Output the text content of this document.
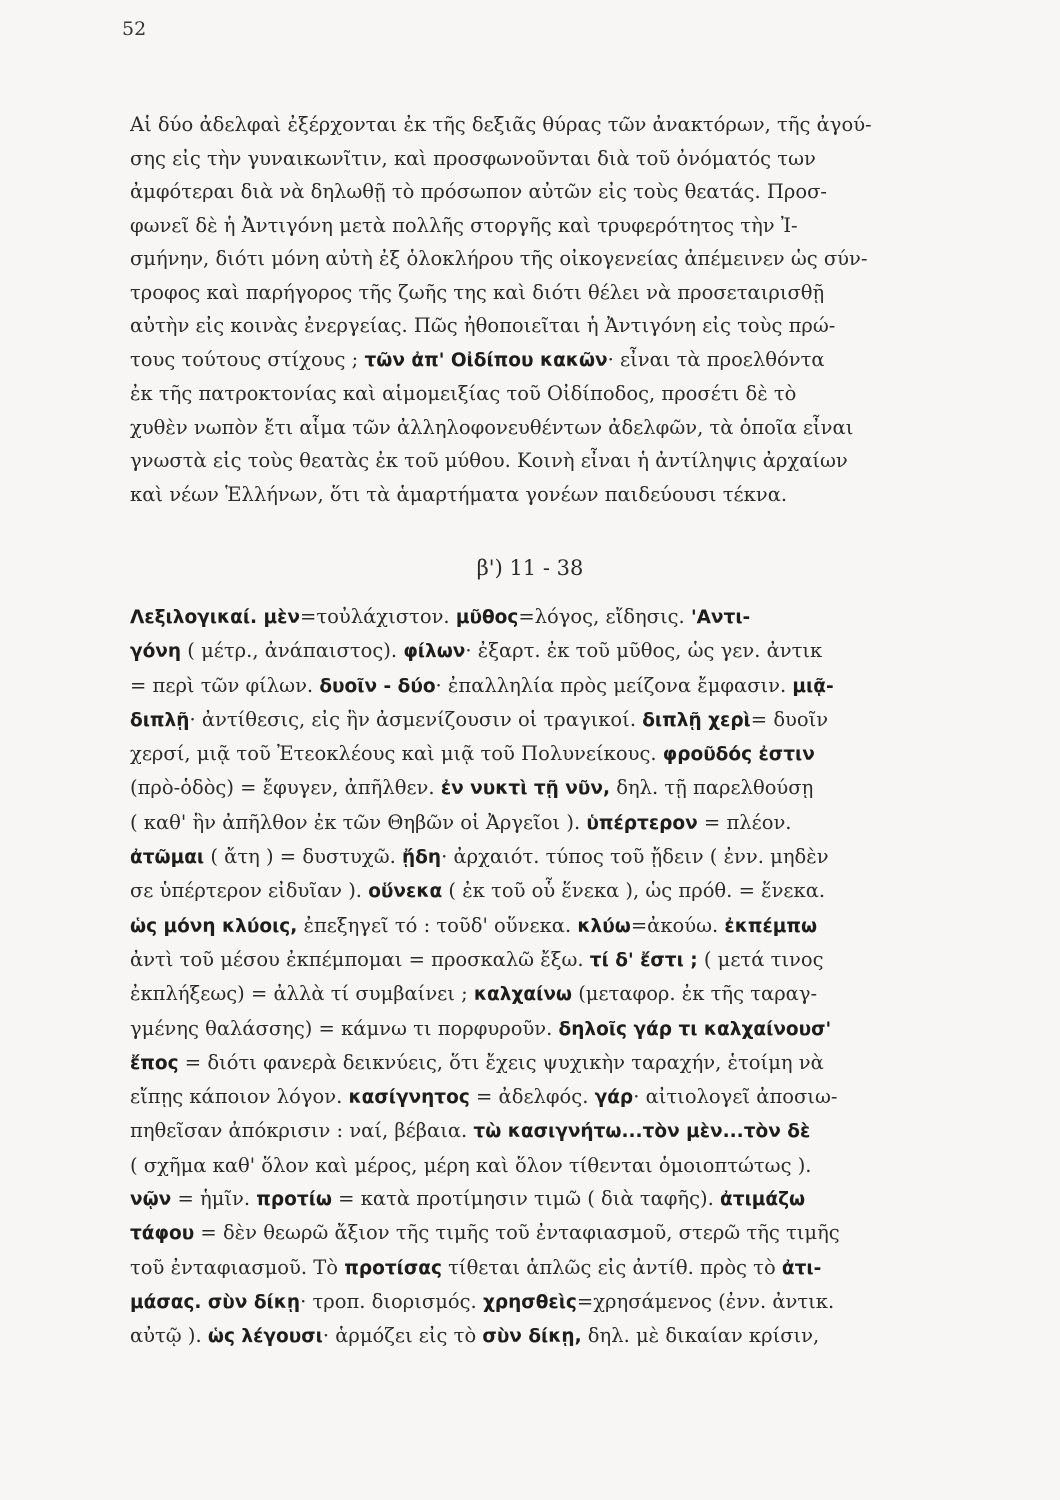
52

Αἱ δύο ἀδελφαὶ ἐξέρχονται ἐκ τῆς δεξιᾶς θύρας τῶν ἀνακτόρων, τῆς ἀγού-
σης εἰς τὴν γυναικωνῖτιν, καὶ προσφωνοῦνται διὰ τοῦ ὀνόματός των
ἀμφότεραι διὰ νὰ δηλωθῇ τὸ πρόσωπον αὐτῶν εἰς τοὺς θεατάς. Προσ-
φωνεῖ δὲ ἡ Ἀντιγόνη μετὰ πολλῆς στοργῆς καὶ τρυφερότητος τὴν Ἰ-
σμήνην, διότι μόνη αὐτὴ ἐξ ὁλοκλήρου τῆς οἰκογενείας ἀπέμεινεν ὡς σύν-
τροφος καὶ παρήγορος τῆς ζωῆς της καὶ διότι θέλει νὰ προσεταιρισθῇ
αὐτὴν εἰς κοινὰς ἐνεργείας. Πῶς ἠθοποιεῖται ἡ Ἀντιγόνη εἰς τοὺς πρώ-
τους τούτους στίχους ; τῶν ἀπ' Οἰδίπου κακῶν· εἶναι τὰ προελθόντα
ἐκ τῆς πατροκτονίας καὶ αἱμομειξίας τοῦ Οἰδίποδος, προσέτι δὲ τὸ
χυθὲν νωπὸν ἔτι αἷμα τῶν ἀλληλοφονευθέντων ἀδελφῶν, τὰ ὁποῖα εἶναι
γνωστὰ εἰς τοὺς θεατὰς ἐκ τοῦ μύθου. Κοινὴ εἶναι ἡ ἀντίληψις ἀρχαίων
καὶ νέων Ἑλλήνων, ὅτι τὰ ἁμαρτήματα γονέων παιδεύουσι τέκνα.

β') 11 - 38

Λεξιλογικαί. μὲν=τοὐλάχιστον. μῦθος=λόγος, εἴδησις. 'Αντι-
γόνη ( μέτρ., ἀνάπαιστος). φίλων· ἐξαρτ. ἐκ τοῦ μῦθος, ὡς γεν. ἀντικ
= περὶ τῶν φίλων. δυοῖν - δύο· ἐπαλληλία πρὸς μείζονα ἔμφασιν. μιᾷ-
διπλῇ· ἀντίθεσις, εἰς ἣν ἀσμενίζουσιν οἱ τραγικοί. διπλῇ χερὶ= δυοῖν
χερσί, μιᾷ τοῦ Ἐτεοκλέους καὶ μιᾷ τοῦ Πολυνείκους. φροῦδός ἐστιν
(πρὸ-ὁδὸς) = ἔφυγεν, ἀπῆλθεν. ἐν νυκτὶ τῇ νῦν, δηλ. τῇ παρελθούσῃ
( καθ' ἣν ἀπῆλθον ἐκ τῶν Θηβῶν οἱ Ἀργεῖοι ). ὑπέρτερον = πλέον.
ἀτῶμαι ( ἄτη ) = δυστυχῶ. ᾔδη· ἀρχαιότ. τύπος τοῦ ᾔδειν ( ἐνν. μηδὲν
σε ὑπέρτερον εἰδυῖαν ). οὕνεκα ( ἐκ τοῦ οὗ ἕνεκα ), ὡς πρόθ. = ἕνεκα.
ὡς μόνη κλύοις, ἐπεξηγεῖ τό : τοῦδ' οὕνεκα. κλύω=ἀκούω. ἐκπέμπω
ἀντὶ τοῦ μέσου ἐκπέμπομαι = προσκαλῶ ἔξω. τί δ' ἔστι ; ( μετά τινος
ἐκπλήξεως) = ἀλλὰ τί συμβαίνει ; καλχαίνω (μεταφορ. ἐκ τῆς ταραγ-
γμένης θαλάσσης) = κάμνω τι πορφυροῦν. δηλοῖς γάρ τι καλχαίνουσ'
ἔπος = διότι φανερὰ δεικνύεις, ὅτι ἔχεις ψυχικὴν ταραχήν, ἑτοίμη νὰ
εἴπῃς κάποιον λόγον. κασίγνητος = ἀδελφός. γάρ· αἰτιολογεῖ ἀποσιω-
πηθεῖσαν ἀπόκρισιν : ναί, βέβαια. τὼ κασιγνήτω...τὸν μὲν...τὸν δὲ
( σχῆμα καθ' ὅλον καὶ μέρος, μέρη καὶ ὅλον τίθενται ὁμοιοπτώτως ).
νῷν = ἡμῖν. προτίω = κατὰ προτίμησιν τιμῶ ( διὰ ταφῆς). ἀτιμάζω
τάφου = δὲν θεωρῶ ἄξιον τῆς τιμῆς τοῦ ἐνταφιασμοῦ, στερῶ τῆς τιμῆς
τοῦ ἐνταφιασμοῦ. Τὸ προτίσας τίθεται ἁπλῶς εἰς ἀντίθ. πρὸς τὸ ἀτι-
μάσας. σὺν δίκῃ· τροπ. διορισμός. χρησθεὶς=χρησάμενος (ἐνν. ἀντικ.
αὐτῷ ). ὡς λέγουσι· ἁρμόζει εἰς τὸ σὺν δίκῃ, δηλ. μὲ δικαίαν κρίσιν,
